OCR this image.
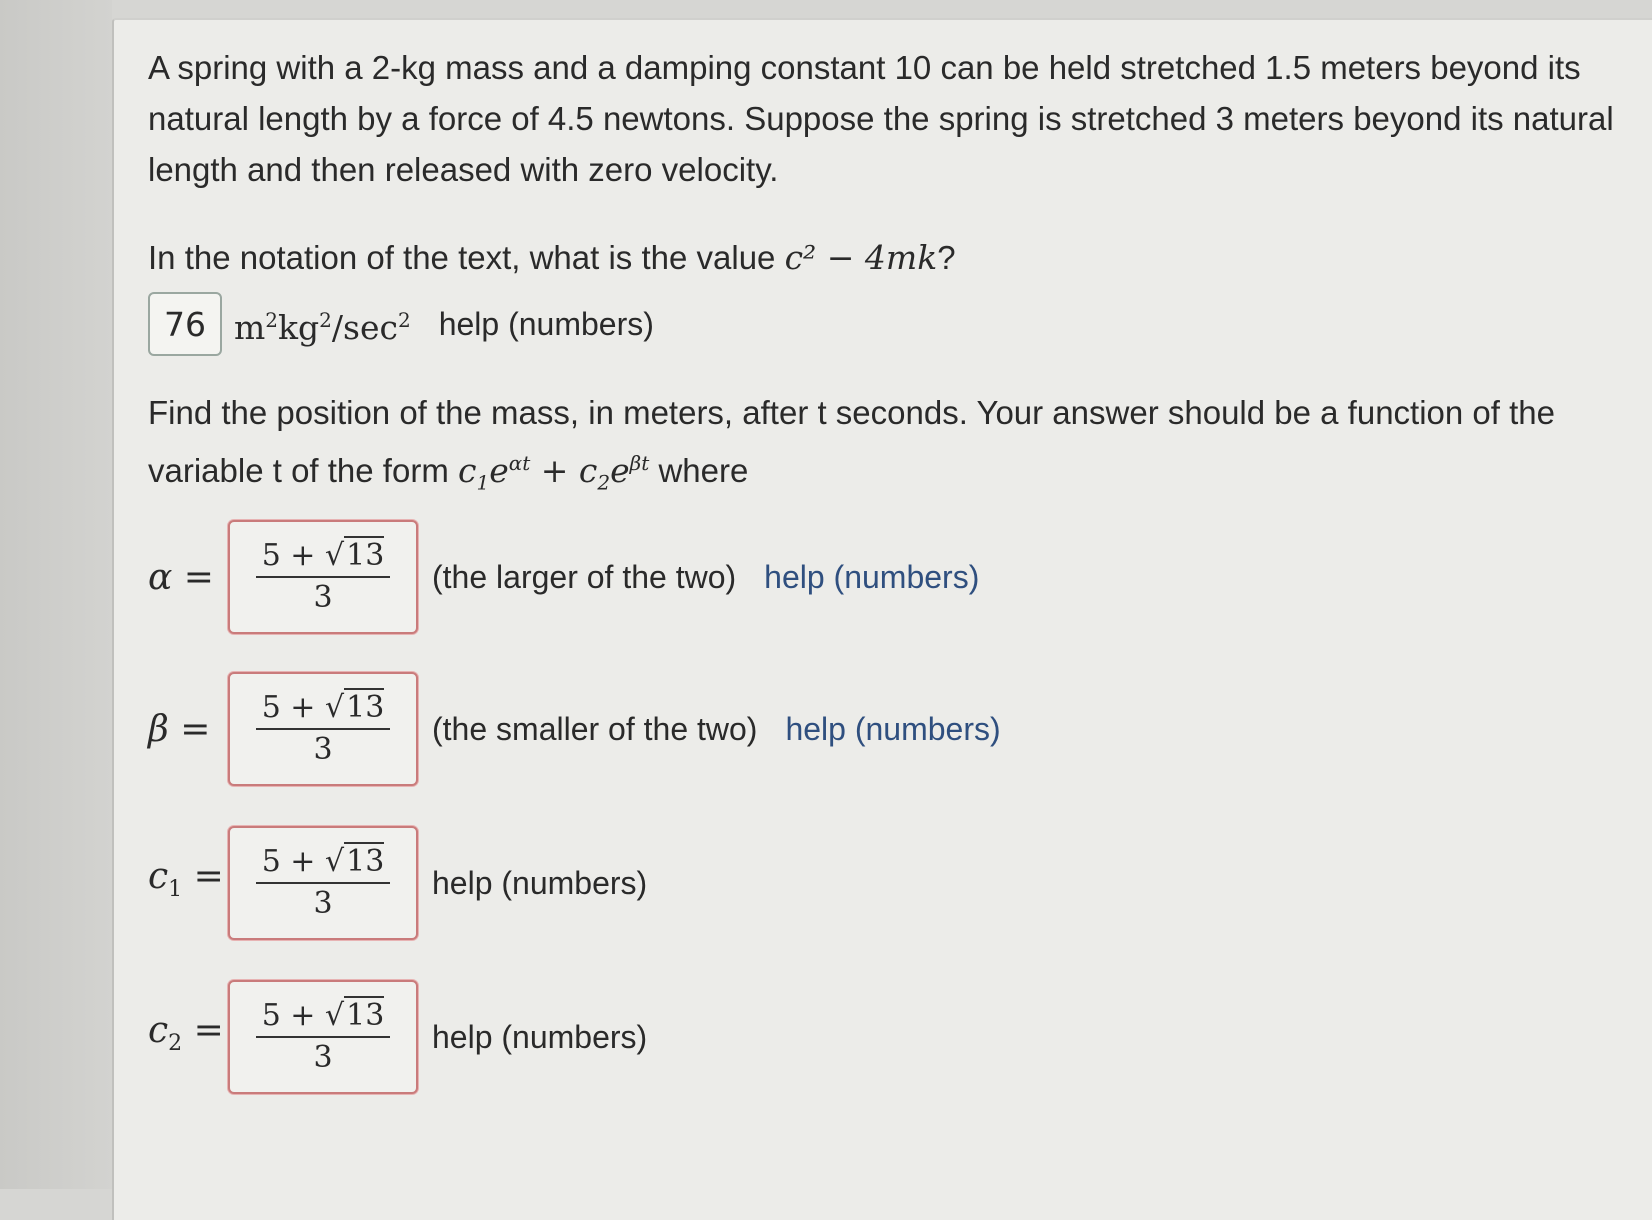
A spring with a 2-kg mass and a damping constant 10 can be held stretched 1.5 meters beyond its natural length by a force of 4.5 newtons. Suppose the spring is stretched 3 meters beyond its natural length and then released with zero velocity.

In the notation of the text, what is the value c² − 4mk?
76 $m^2kg^2/\sec^2$ help (numbers)
Find the position of the mass, in meters, after t seconds. Your answer should be a function of the variable t of the form $c_1e^{\alpha t} + c_2e^{\beta t}$ where
$\alpha = \frac{5 + √13}{3} (the$ larger of the two) help (numbers)
$\beta = \frac{5 + √13}{3} (the$ smaller of the two) help (numbers)
$c_1 = \frac{5 + √13}{3}$ help (numbers)
$c_2 = \frac{5 + √13}{3}$ help (numbers)
